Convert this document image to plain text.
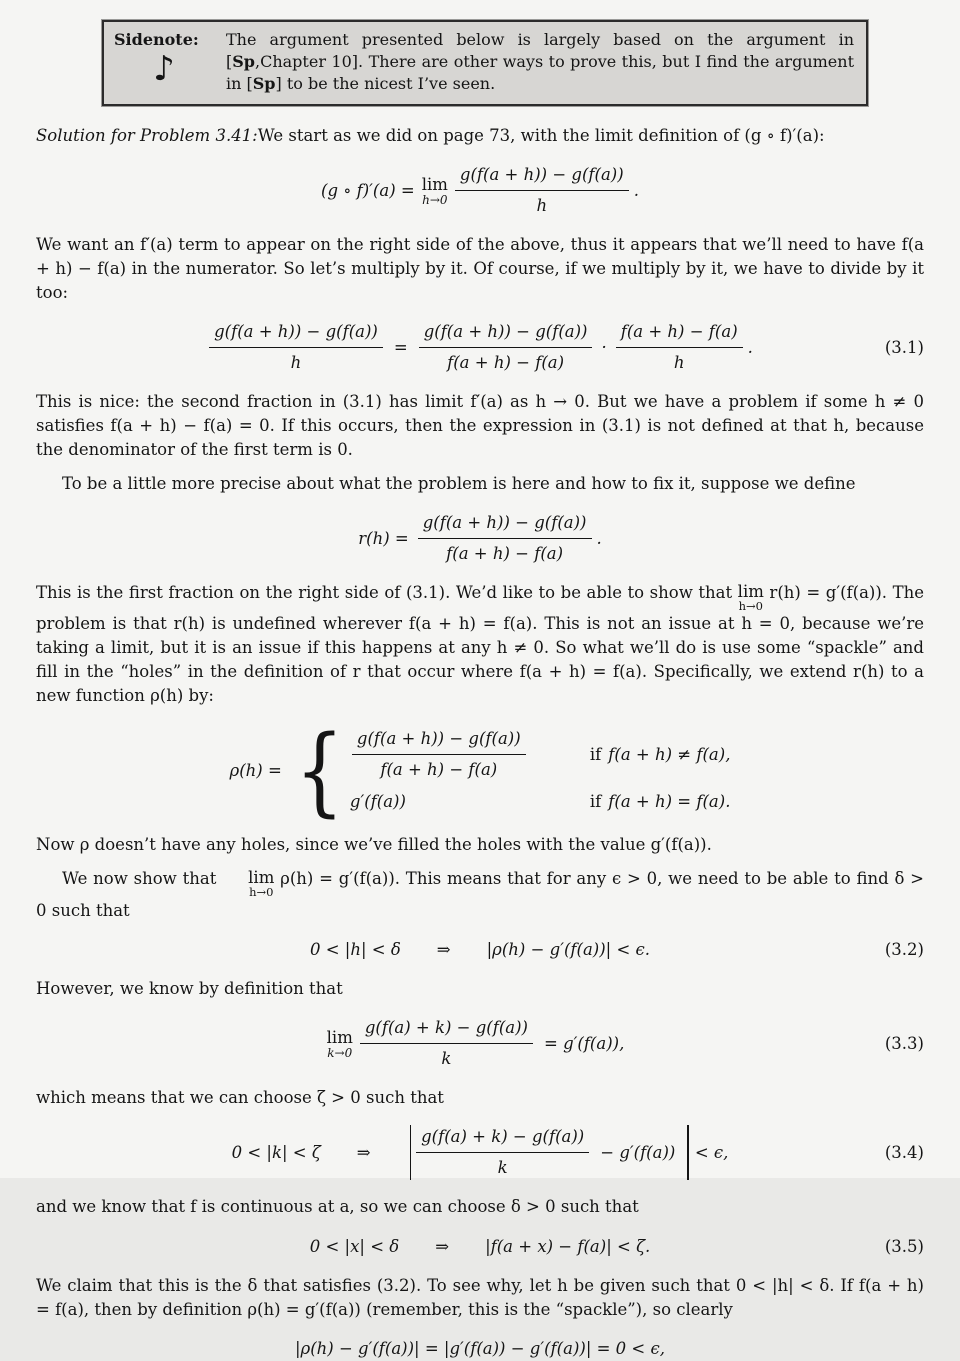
Sidenote:
♪
The argument presented below is largely based on the argument in [Sp,Chapter 10]. There are other ways to prove this, but I find the argument in [Sp] to be the nicest I’ve seen.

Solution for Problem 3.41:We start as we did on page 73, with the limit definition of (g ∘ f)′(a):

(g ∘ f)′(a) = lim
$h\to 0 \frac{g(f(a + h)) - g(f(a))}{h}$ .

We want an f′(a) term to appear on the right side of the above, thus it appears that we’ll need to have f(a + h) − f(a) in the numerator. So let’s multiply by it. Of course, if we multiply by it, we have to divide by it too:

$\frac{g(f(a + h)) - g(f(a))}{h} = \frac{g(f(a + h)) - g(f(a))}{f(a + h) - f(a)} \cdot \frac{f(a + h) - f(a)}{h}$ .	(3.1)

This is nice: the second fraction in (3.1) has limit f′(a) as h → 0. But we have a problem if some h ≠ 0 satisfies f(a + h) − f(a) = 0. If this occurs, then the expression in (3.1) is not defined at that h, because the denominator of the first term is 0.

To be a little more precise about what the problem is here and how to fix it, suppose we define

$r(h) = \frac{g(f(a + h)) - g(f(a))}{f(a + h) - f(a)}$ .

This is the first fraction on the right side of (3.1). We’d like to be able to show that lim
h→0
r(h) = g′(f(a)). The problem is that r(h) is undefined wherever f(a + h) = f(a). This is not an issue at h = 0, because we’re taking a limit, but it is an issue if this happens at any h ≠ 0. So what we’ll do is use some “spackle” and fill in the “holes” in the definition of r that occur where f(a + h) = f(a). Specifically, we extend r(h) to a new function ρ(h) by:

ρ(h) = { $\frac{g(f(a + h)) - g(f(a))}{f(a + h) - f(a)}$	if f(a + h) ≠ f(a),
g′(f(a))	if f(a + h) = f(a).

Now ρ doesn’t have any holes, since we’ve filled the holes with the value g′(f(a)).

We now show that	lim
h→0
ρ(h) = g′(f(a)). This means that for any ϵ > 0, we need to be able to find δ > 0 such that

0 < |h| < δ ⇒ |ρ(h) − g′(f(a))| < ϵ.	(3.2)

However, we know by definition that

lim
$k\to 0 \frac{g(f(a) + k) - g(f(a))}{k} = g'(f(a))$,	(3.3)

which means that we can choose ζ > 0 such that

0 < |k| < ζ ⇒	$\frac{g(f(a) + k) - g(f(a))}{k} - g'(f(a)) < \epsilon$,	(3.4)

and we know that f is continuous at a, so we can choose δ > 0 such that

0 < |x| < δ ⇒ |f(a + x) − f(a)| < ζ.	(3.5)

We claim that this is the δ that satisfies (3.2). To see why, let h be given such that 0 < |h| < δ. If f(a + h) = f(a), then by definition ρ(h) = g′(f(a)) (remember, this is the “spackle”), so clearly

|ρ(h) − g′(f(a))| = |g′(f(a)) − g′(f(a))| = 0 < ϵ,
